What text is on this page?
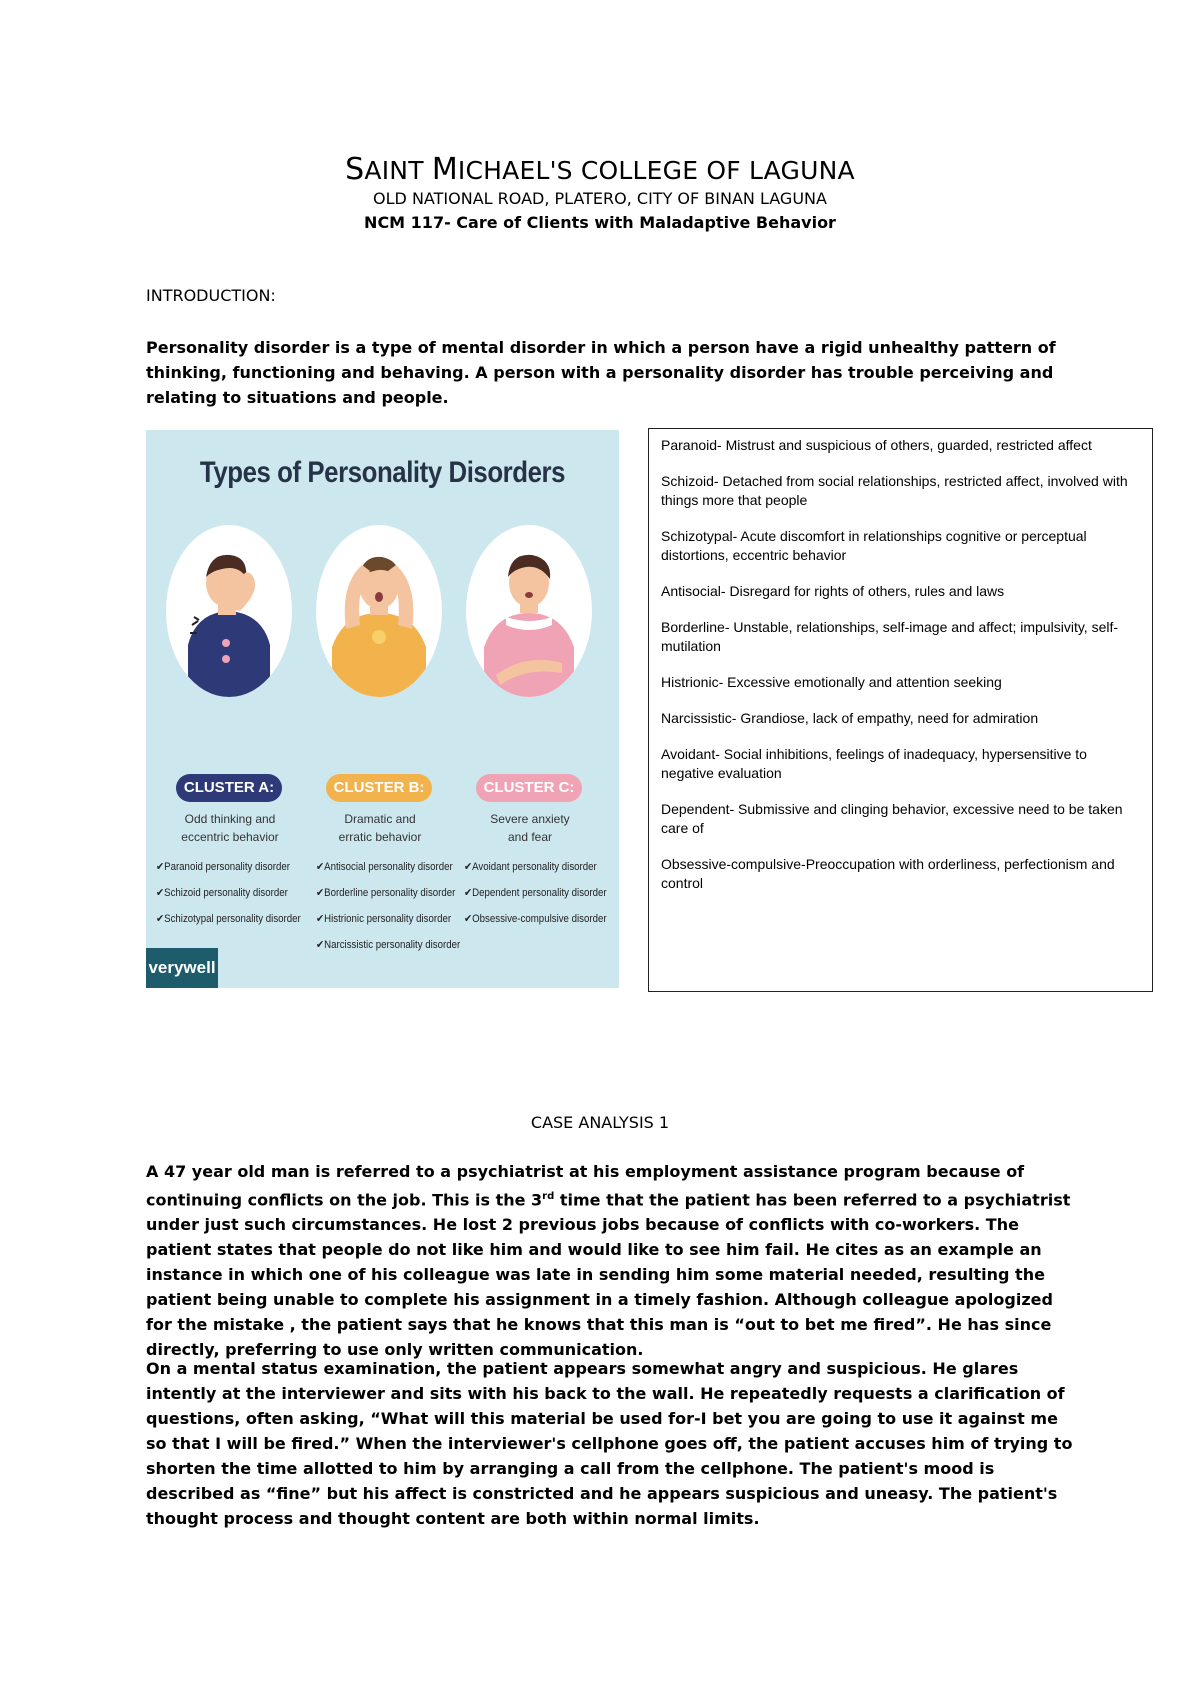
SAINT MICHAEL'S COLLEGE OF LAGUNA
OLD NATIONAL ROAD, PLATERO, CITY OF BINAN LAGUNA
NCM 117- Care of Clients with Maladaptive Behavior
INTRODUCTION:
Personality disorder is a type of mental disorder in which a person have a rigid unhealthy pattern of thinking, functioning and behaving. A person with a personality disorder has trouble perceiving and relating to situations and people.
Types of Personality Disorders
CLUSTER A:	CLUSTER B:	CLUSTER C:
Odd thinking and
eccentric behavior
Dramatic and
erratic behavior
Severe anxiety
and fear
✔Paranoid personality disorder
✔Schizoid personality disorder
✔Schizotypal personality disorder
✔Antisocial personality disorder
✔Borderline personality disorder
✔Histrionic personality disorder
✔Narcissistic personality disorder
✔Avoidant personality disorder
✔Dependent personality disorder
✔Obsessive-compulsive disorder
verywell
Paranoid- Mistrust and suspicious of others, guarded, restricted affect
Schizoid- Detached from social relationships, restricted affect, involved with things more that people
Schizotypal- Acute discomfort in relationships cognitive or perceptual distortions, eccentric behavior
Antisocial- Disregard for rights of others, rules and laws
Borderline- Unstable, relationships, self-image and affect; impulsivity, self-mutilation
Histrionic- Excessive emotionally and attention seeking
Narcissistic- Grandiose, lack of empathy, need for admiration
Avoidant- Social inhibitions, feelings of inadequacy, hypersensitive to negative evaluation
Dependent- Submissive and clinging behavior, excessive need to be taken care of
Obsessive-compulsive-Preoccupation with orderliness, perfectionism and control
CASE ANALYSIS 1
A 47 year old man is referred to a psychiatrist at his employment assistance program because of continuing conflicts on the job. This is the 3rd time that the patient has been referred to a psychiatrist under just such circumstances. He lost 2 previous jobs because of conflicts with co-workers. The patient states that people do not like him and would like to see him fail. He cites as an example an instance in which one of his colleague was late in sending him some material needed, resulting the patient being unable to complete his assignment in a timely fashion. Although colleague apologized for the mistake , the patient says that he knows that this man is “out to bet me fired”. He has since directly, preferring to use only written communication.
On a mental status examination, the patient appears somewhat angry and suspicious. He glares intently at the interviewer and sits with his back to the wall. He repeatedly requests a clarification of questions, often asking, “What will this material be used for-I bet you are going to use it against me so that I will be fired.” When the interviewer's cellphone goes off, the patient accuses him of trying to shorten the time allotted to him by arranging a call from the cellphone. The patient's mood is described as “fine” but his affect is constricted and he appears suspicious and uneasy. The patient's thought process and thought content are both within normal limits.
